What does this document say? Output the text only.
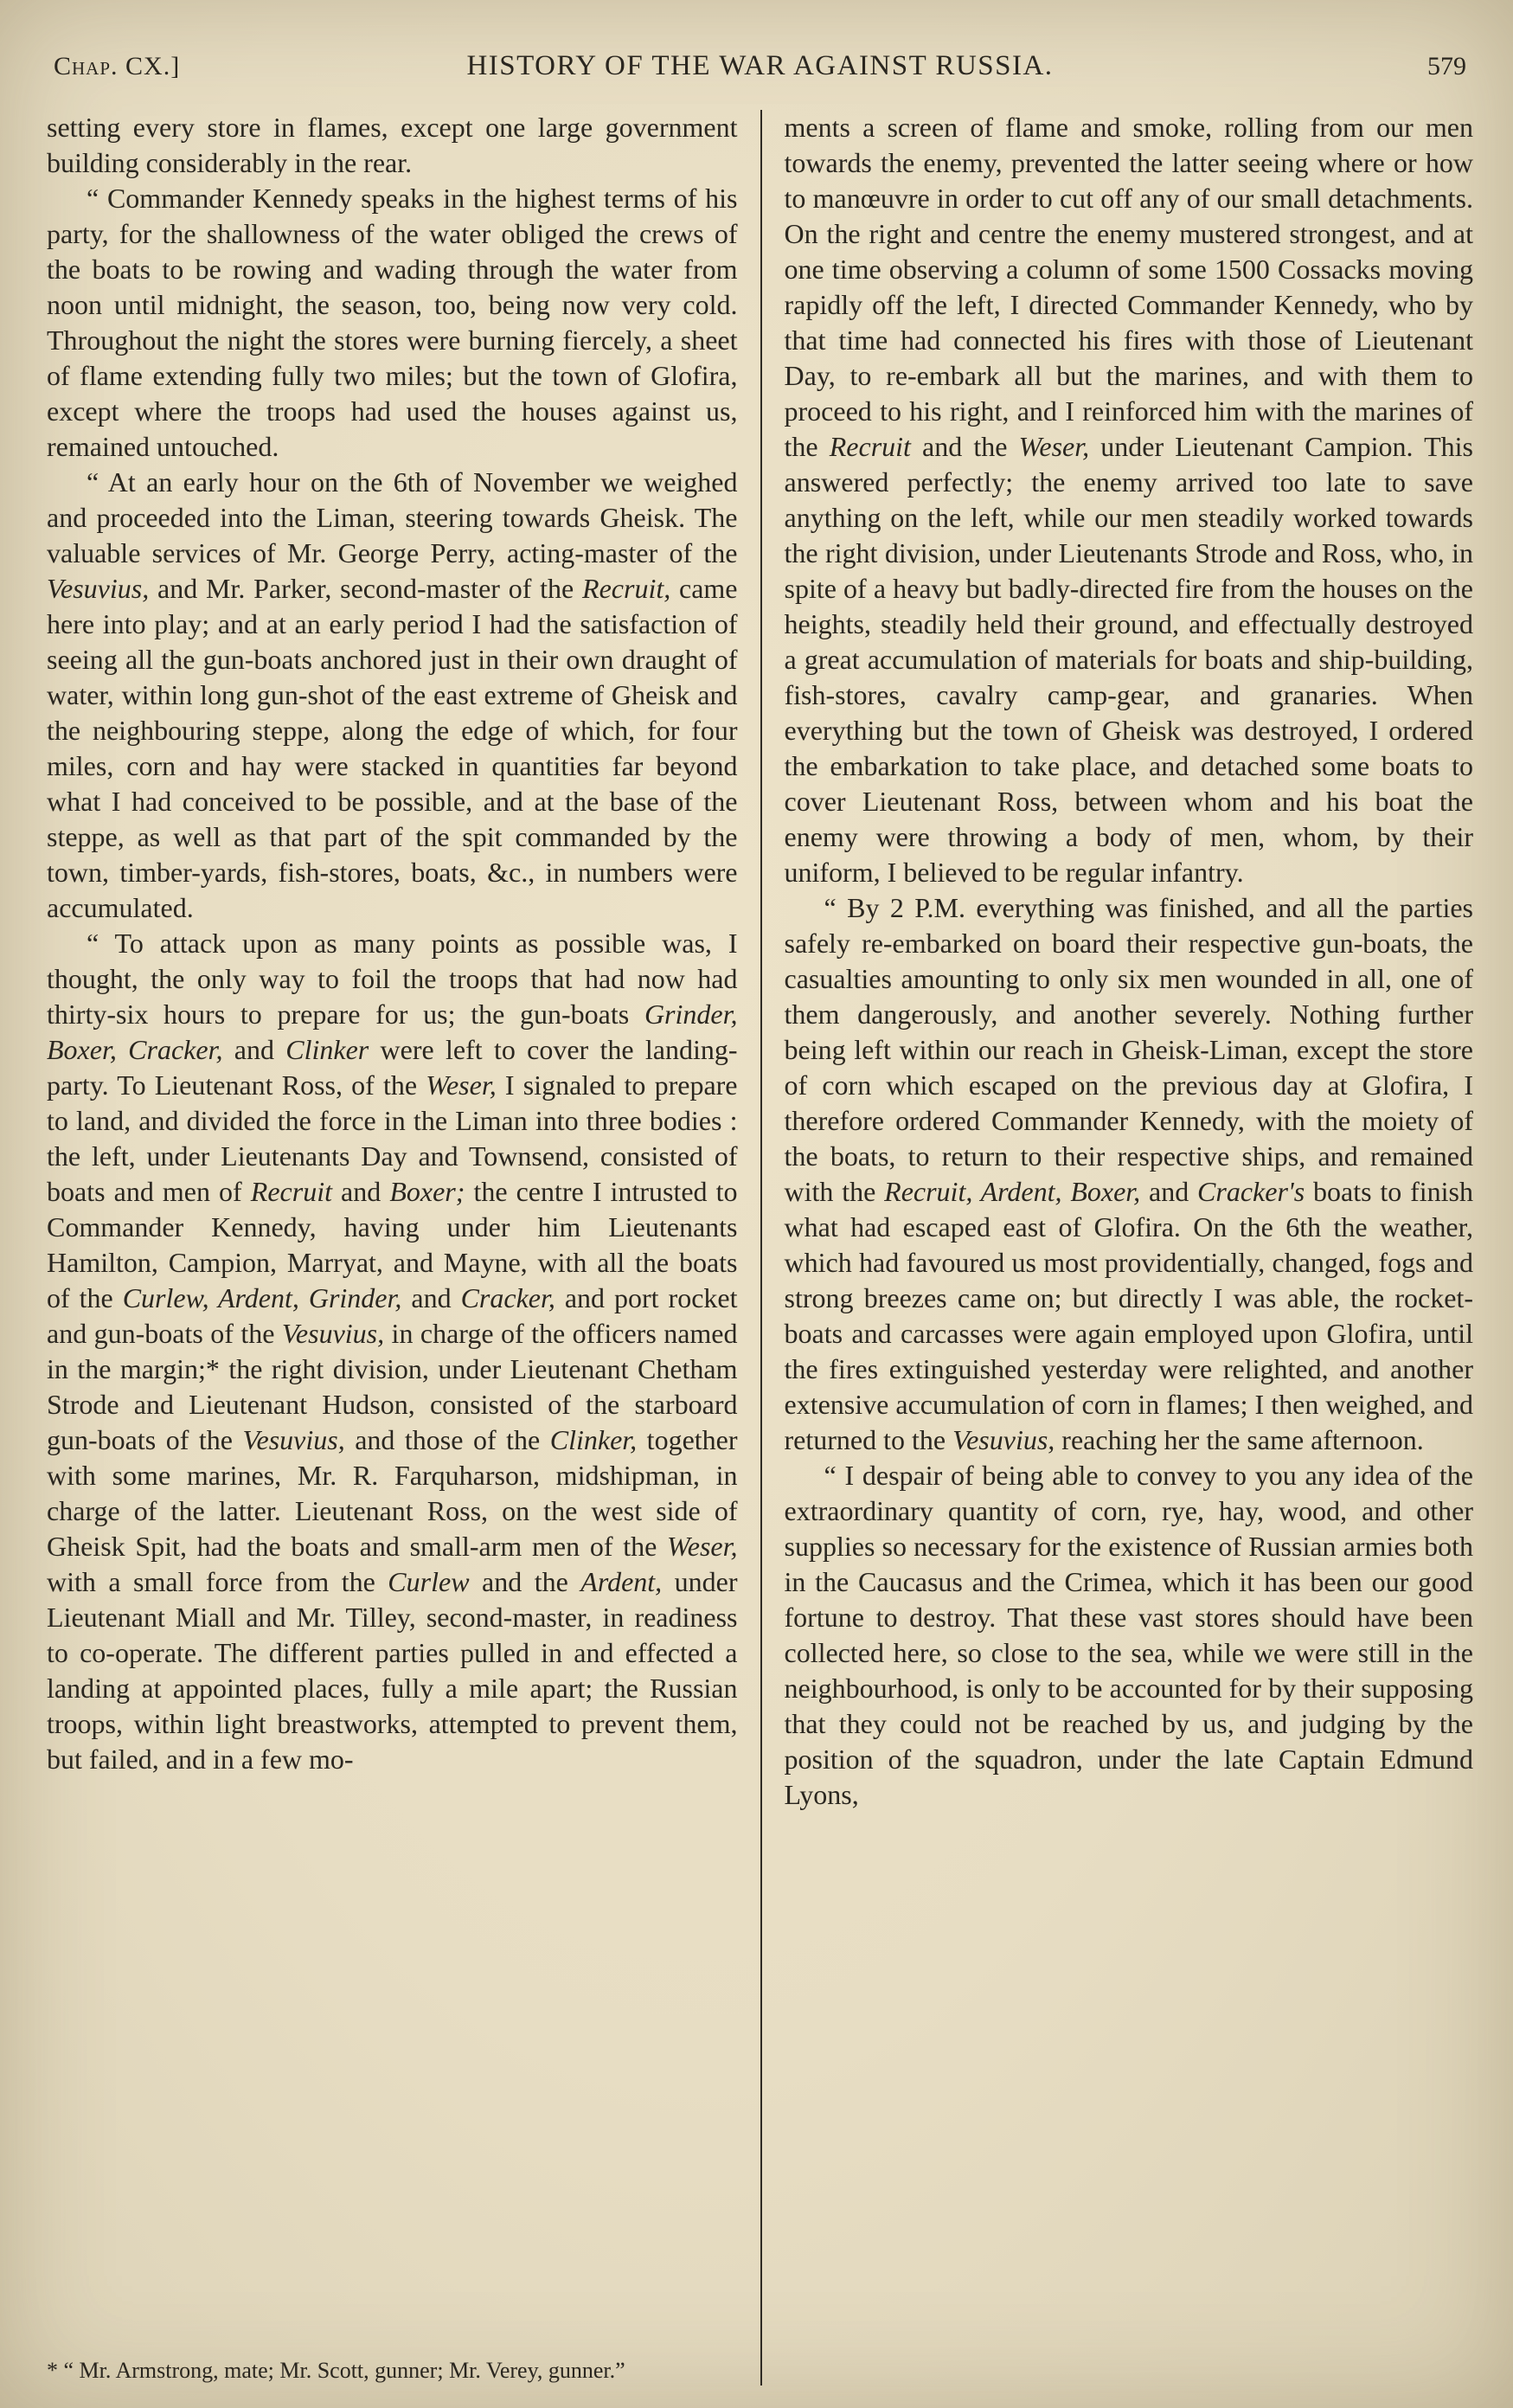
Chap. CX.]	HISTORY OF THE WAR AGAINST RUSSIA.	579

setting every store in flames, except one large government building considerably in the rear.

“ Commander Kennedy speaks in the highest terms of his party, for the shallowness of the water obliged the crews of the boats to be rowing and wading through the water from noon until midnight, the season, too, being now very cold. Throughout the night the stores were burning fiercely, a sheet of flame extending fully two miles; but the town of Glofira, except where the troops had used the houses against us, remained untouched.

“ At an early hour on the 6th of November we weighed and proceeded into the Liman, steering towards Gheisk. The valuable services of Mr. George Perry, acting-master of the Vesuvius, and Mr. Parker, second-master of the Recruit, came here into play; and at an early period I had the satisfaction of seeing all the gun-boats anchored just in their own draught of water, within long gun-shot of the east extreme of Gheisk and the neighbouring steppe, along the edge of which, for four miles, corn and hay were stacked in quantities far beyond what I had conceived to be possible, and at the base of the steppe, as well as that part of the spit commanded by the town, timber-yards, fish-stores, boats, &c., in numbers were accumulated.

“ To attack upon as many points as possible was, I thought, the only way to foil the troops that had now had thirty-six hours to prepare for us; the gun-boats Grinder, Boxer, Cracker, and Clinker were left to cover the landing-party. To Lieutenant Ross, of the Weser, I signaled to prepare to land, and divided the force in the Liman into three bodies : the left, under Lieutenants Day and Townsend, consisted of boats and men of Recruit and Boxer; the centre I intrusted to Commander Kennedy, having under him Lieutenants Hamilton, Campion, Marryat, and Mayne, with all the boats of the Curlew, Ardent, Grinder, and Cracker, and port rocket and gun-boats of the Vesuvius, in charge of the officers named in the margin;* the right division, under Lieutenant Chetham Strode and Lieutenant Hudson, consisted of the starboard gun-boats of the Vesuvius, and those of the Clinker, together with some marines, Mr. R. Farquharson, midshipman, in charge of the latter. Lieutenant Ross, on the west side of Gheisk Spit, had the boats and small-arm men of the Weser, with a small force from the Curlew and the Ardent, under Lieutenant Miall and Mr. Tilley, second-master, in readiness to co-operate. The different parties pulled in and effected a landing at appointed places, fully a mile apart; the Russian troops, within light breastworks, attempted to prevent them, but failed, and in a few mo-

* “ Mr. Armstrong, mate; Mr. Scott, gunner; Mr. Verey, gunner.”

ments a screen of flame and smoke, rolling from our men towards the enemy, prevented the latter seeing where or how to manœuvre in order to cut off any of our small detachments. On the right and centre the enemy mustered strongest, and at one time observing a column of some 1500 Cossacks moving rapidly off the left, I directed Commander Kennedy, who by that time had connected his fires with those of Lieutenant Day, to re-embark all but the marines, and with them to proceed to his right, and I reinforced him with the marines of the Recruit and the Weser, under Lieutenant Campion. This answered perfectly; the enemy arrived too late to save anything on the left, while our men steadily worked towards the right division, under Lieutenants Strode and Ross, who, in spite of a heavy but badly-directed fire from the houses on the heights, steadily held their ground, and effectually destroyed a great accumulation of materials for boats and ship-building, fish-stores, cavalry camp-gear, and granaries. When everything but the town of Gheisk was destroyed, I ordered the embarkation to take place, and detached some boats to cover Lieutenant Ross, between whom and his boat the enemy were throwing a body of men, whom, by their uniform, I believed to be regular infantry.

“ By 2 P.M. everything was finished, and all the parties safely re-embarked on board their respective gun-boats, the casualties amounting to only six men wounded in all, one of them dangerously, and another severely. Nothing further being left within our reach in Gheisk-Liman, except the store of corn which escaped on the previous day at Glofira, I therefore ordered Commander Kennedy, with the moiety of the boats, to return to their respective ships, and remained with the Recruit, Ardent, Boxer, and Cracker's boats to finish what had escaped east of Glofira. On the 6th the weather, which had favoured us most providentially, changed, fogs and strong breezes came on; but directly I was able, the rocket-boats and carcasses were again employed upon Glofira, until the fires extinguished yesterday were relighted, and another extensive accumulation of corn in flames; I then weighed, and returned to the Vesuvius, reaching her the same afternoon.

“ I despair of being able to convey to you any idea of the extraordinary quantity of corn, rye, hay, wood, and other supplies so necessary for the existence of Russian armies both in the Caucasus and the Crimea, which it has been our good fortune to destroy. That these vast stores should have been collected here, so close to the sea, while we were still in the neighbourhood, is only to be accounted for by their supposing that they could not be reached by us, and judging by the position of the squadron, under the late Captain Edmund Lyons,
